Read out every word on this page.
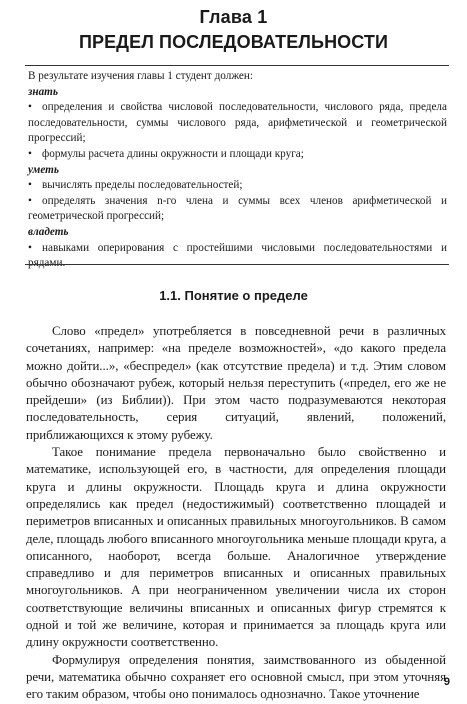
Глава 1
ПРЕДЕЛ ПОСЛЕДОВАТЕЛЬНОСТИ

В результате изучения главы 1 студент должен:

знать

• определения и свойства числовой последовательности, числового ряда, предела последовательности, суммы числового ряда, арифметической и геометрической прогрессий;

• формулы расчета длины окружности и площади круга;

уметь

• вычислять пределы последовательностей;

• определять значения n-го члена и суммы всех членов арифметической и геометрической прогрессий;

владеть

• навыками оперирования с простейшими числовыми последовательностями и рядами.

1.1. Понятие о пределе

Слово «предел» употребляется в повседневной речи в различных сочетаниях, например: «на пределе возможностей», «до какого предела можно дойти...», «беспредел» (как отсутствие предела) и т.д. Этим словом обычно обозначают рубеж, который нельзя переступить («предел, его же не прейдеши» (из Библии)). При этом часто подразумеваются некоторая последовательность, серия ситуаций, явлений, положений, приближающихся к этому рубежу.

Такое понимание предела первоначально было свойственно и математике, использующей его, в частности, для определения площади круга и длины окружности. Площадь круга и длина окружности определялись как предел (недостижимый) соответственно площадей и периметров вписанных и описанных правильных многоугольников. В самом деле, площадь любого вписанного многоугольника меньше площади круга, а описанного, наоборот, всегда больше. Аналогичное утверждение справедливо и для периметров вписанных и описанных правильных многоугольников. А при неограниченном увеличении числа их сторон соответствующие величины вписанных и описанных фигур стремятся к одной и той же величине, которая и принимается за площадь круга или длину окружности соответственно.

Формулируя определения понятия, заимствованного из обыденной речи, математика обычно сохраняет его основной смысл, при этом уточняя его таким образом, чтобы оно понималось однозначно. Такое уточнение

9
